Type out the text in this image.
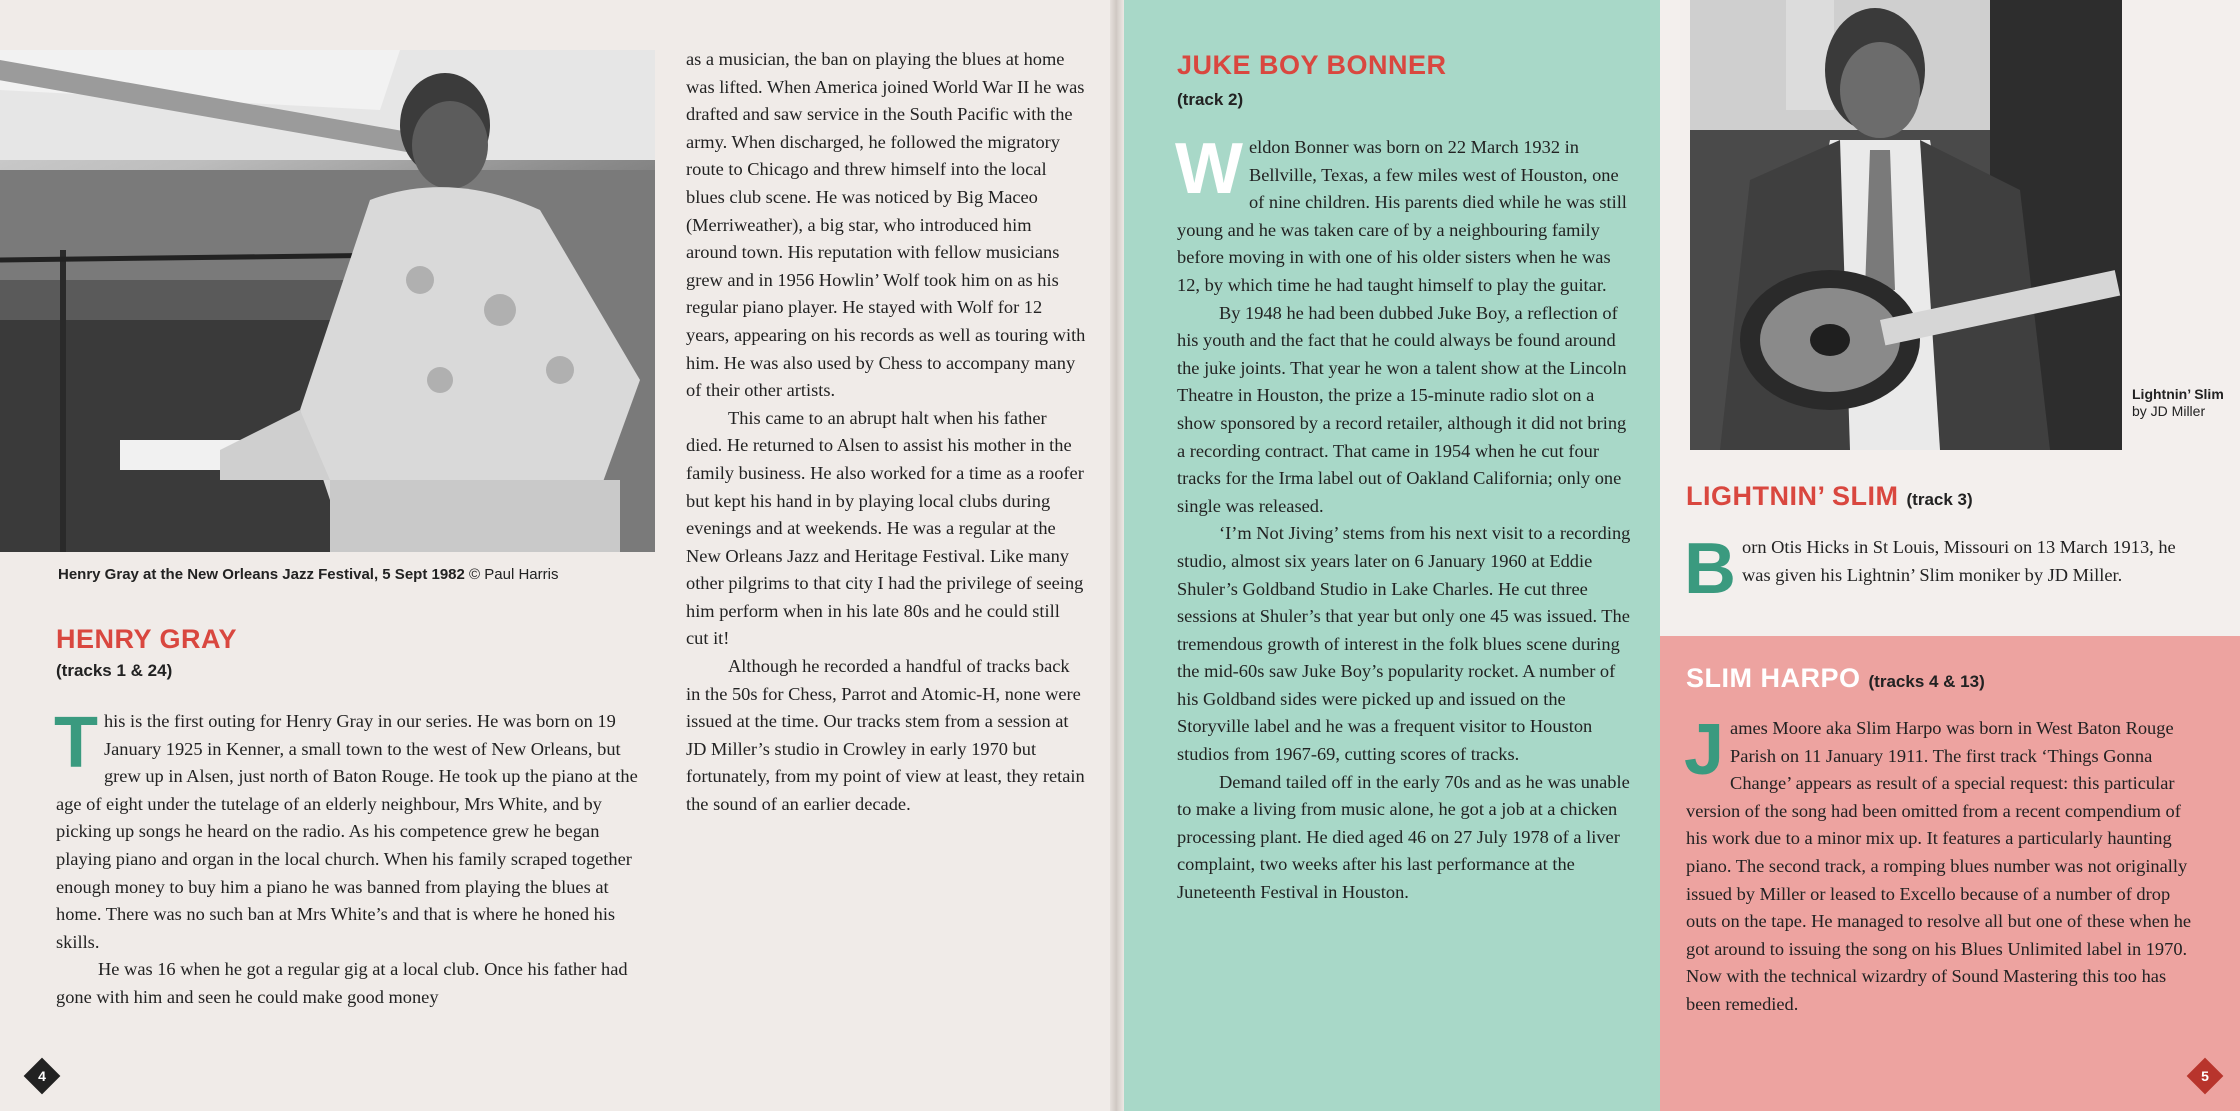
Henry Gray at the New Orleans Jazz Festival, 5 Sept 1982 © Paul Harris
HENRY GRAY
(tracks 1 & 24)

This is the first outing for Henry Gray in our series. He was born on 19 January 1925 in Kenner, a small town to the west of New Orleans, but grew up in Alsen, just north of Baton Rouge. He took up the piano at the age of eight under the tutelage of an elderly neighbour, Mrs White, and by picking up songs he heard on the radio. As his competence grew he began playing piano and organ in the local church. When his family scraped together enough money to buy him a piano he was banned from playing the blues at home. There was no such ban at Mrs White’s and that is where he honed his skills.

He was 16 when he got a regular gig at a local club. Once his father had gone with him and seen he could make good money

as a musician, the ban on playing the blues at home was lifted. When America joined World War II he was drafted and saw service in the South Pacific with the army. When discharged, he followed the migratory route to Chicago and threw himself into the local blues club scene. He was noticed by Big Maceo (Merriweather), a big star, who introduced him around town. His reputation with fellow musicians grew and in 1956 Howlin’ Wolf took him on as his regular piano player. He stayed with Wolf for 12 years, appearing on his records as well as touring with him. He was also used by Chess to accompany many of their other artists.

This came to an abrupt halt when his father died. He returned to Alsen to assist his mother in the family business. He also worked for a time as a roofer but kept his hand in by playing local clubs during evenings and at weekends. He was a regular at the New Orleans Jazz and Heritage Festival. Like many other pilgrims to that city I had the privilege of seeing him perform when in his late 80s and he could still cut it!

Although he recorded a handful of tracks back in the 50s for Chess, Parrot and Atomic-H, none were issued at the time. Our tracks stem from a session at JD Miller’s studio in Crowley in early 1970 but fortunately, from my point of view at least, they retain the sound of an earlier decade.

4
JUKE BOY BONNER
(track 2)

Weldon Bonner was born on 22 March 1932 in Bellville, Texas, a few miles west of Houston, one of nine children. His parents died while he was still young and he was taken care of by a neighbouring family before moving in with one of his older sisters when he was 12, by which time he had taught himself to play the guitar.

By 1948 he had been dubbed Juke Boy, a reflection of his youth and the fact that he could always be found around the juke joints. That year he won a talent show at the Lincoln Theatre in Houston, the prize a 15-minute radio slot on a show sponsored by a record retailer, although it did not bring a recording contract. That came in 1954 when he cut four tracks for the Irma label out of Oakland California; only one single was released.

‘I’m Not Jiving’ stems from his next visit to a recording studio, almost six years later on 6 January 1960 at Eddie Shuler’s Goldband Studio in Lake Charles. He cut three sessions at Shuler’s that year but only one 45 was issued. The tremendous growth of interest in the folk blues scene during the mid-60s saw Juke Boy’s popularity rocket. A number of his Goldband sides were picked up and issued on the Storyville label and he was a frequent visitor to Houston studios from 1967-69, cutting scores of tracks.

Demand tailed off in the early 70s and as he was unable to make a living from music alone, he got a job at a chicken processing plant. He died aged 46 on 27 July 1978 of a liver complaint, two weeks after his last performance at the Juneteenth Festival in Houston.

Lightnin’ Slim
by JD Miller
LIGHTNIN’ SLIM (track 3)

Born Otis Hicks in St Louis, Missouri on 13 March 1913, he was given his Lightnin’ Slim moniker by JD Miller.

SLIM HARPO (tracks 4 & 13)

James Moore aka Slim Harpo was born in West Baton Rouge Parish on 11 January 1911. The first track ‘Things Gonna Change’ appears as result of a special request: this particular version of the song had been omitted from a recent compendium of his work due to a minor mix up. It features a particularly haunting piano. The second track, a romping blues number was not originally issued by Miller or leased to Excello because of a number of drop outs on the tape. He managed to resolve all but one of these when he got around to issuing the song on his Blues Unlimited label in 1970. Now with the technical wizardry of Sound Mastering this too has been remedied.

5
